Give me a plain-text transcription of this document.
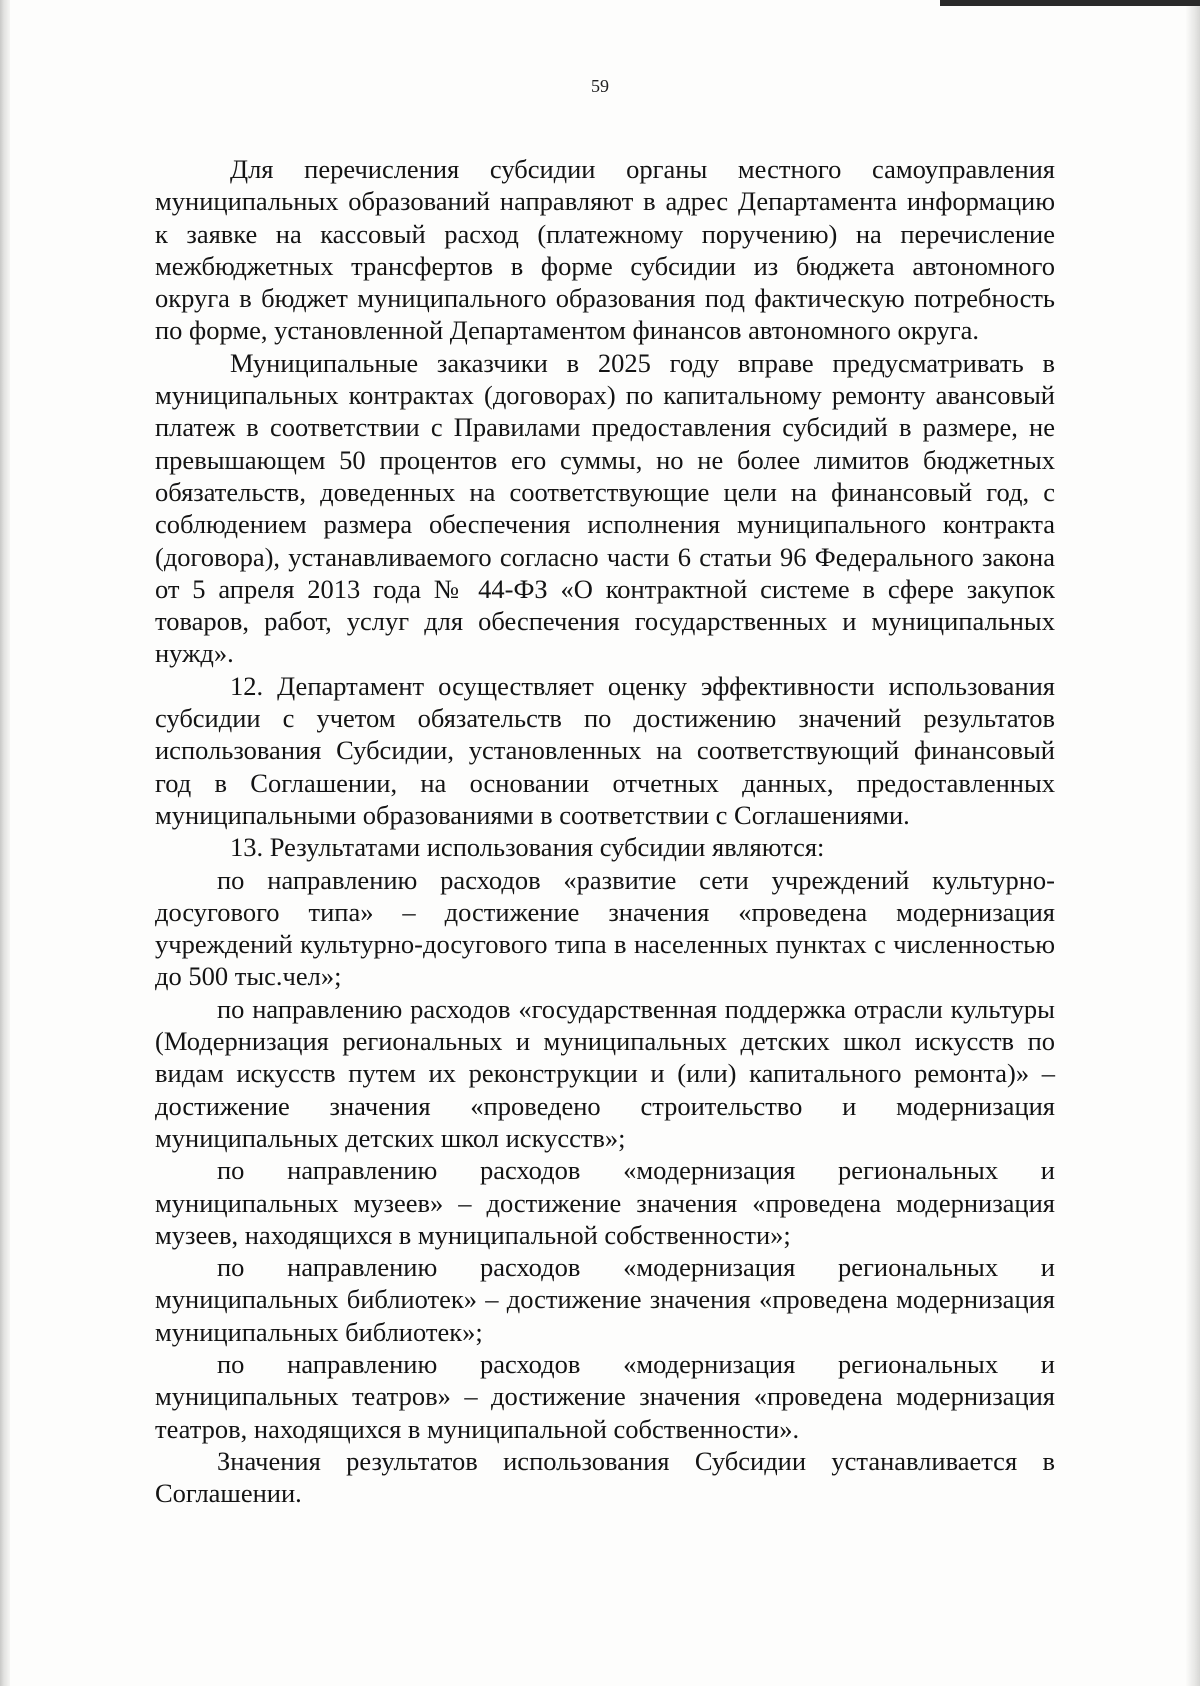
59

Для перечисления субсидии органы местного самоуправления муниципальных образований направляют в адрес Департамента информацию к заявке на кассовый расход (платежному поручению) на перечисление межбюджетных трансфертов в форме субсидии из бюджета автономного округа в бюджет муниципального образования под фактическую потребность по форме, установленной Департаментом финансов автономного округа.

Муниципальные заказчики в 2025 году вправе предусматривать в муниципальных контрактах (договорах) по капитальному ремонту авансовый платеж в соответствии с Правилами предоставления субсидий в размере, не превышающем 50 процентов его суммы, но не более лимитов бюджетных обязательств, доведенных на соответствующие цели на финансовый год, с соблюдением размера обеспечения исполнения муниципального контракта (договора), устанавливаемого согласно части 6 статьи 96 Федерального закона от 5 апреля 2013 года № 44-ФЗ «О контрактной системе в сфере закупок товаров, работ, услуг для обеспечения государственных и муниципальных нужд».

12. Департамент осуществляет оценку эффективности использования субсидии с учетом обязательств по достижению значений результатов использования Субсидии, установленных на соответствующий финансовый год в Соглашении, на основании отчетных данных, предоставленных муниципальными образованиями в соответствии с Соглашениями.

13. Результатами использования субсидии являются:

по направлению расходов «развитие сети учреждений культурно-досугового типа» – достижение значения «проведена модернизация учреждений культурно-досугового типа в населенных пунктах с численностью до 500 тыс.чел»;

по направлению расходов «государственная поддержка отрасли культуры (Модернизация региональных и муниципальных детских школ искусств по видам искусств путем их реконструкции и (или) капитального ремонта)» – достижение значения «проведено строительство и модернизация муниципальных детских школ искусств»;

по направлению расходов «модернизация региональных и муниципальных музеев» – достижение значения «проведена модернизация музеев, находящихся в муниципальной собственности»;

по направлению расходов «модернизация региональных и муниципальных библиотек» – достижение значения «проведена модернизация муниципальных библиотек»;

по направлению расходов «модернизация региональных и муниципальных театров» – достижение значения «проведена модернизация театров, находящихся в муниципальной собственности».

Значения результатов использования Субсидии устанавливается в Соглашении.
